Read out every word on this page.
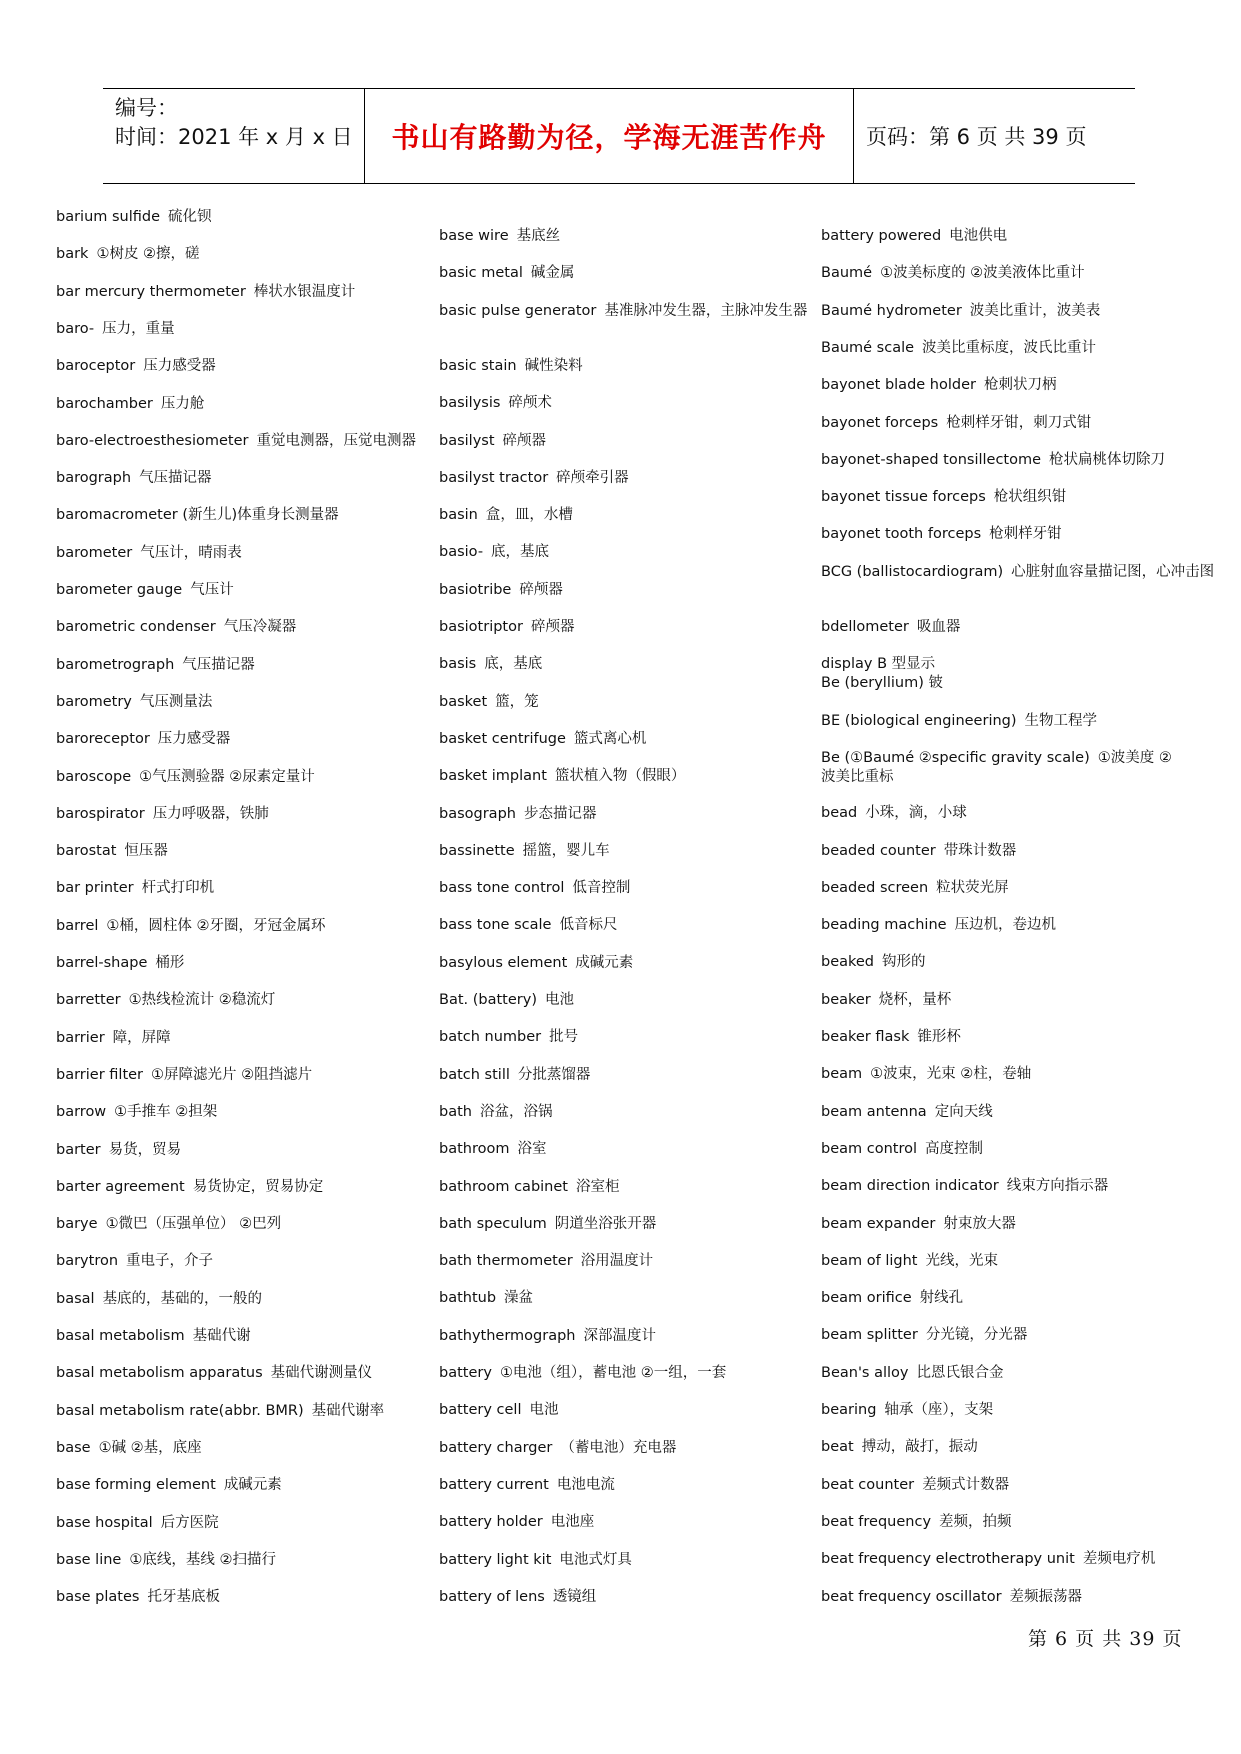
编号：
时间：2021 年 x 月 x 日	书山有路勤为径，学海无涯苦作舟 页码：第 6 页 共 39 页
barium sulfide 硫化钡
bark ①树皮 ②擦，磋
bar mercury thermometer 棒状水银温度计
baro- 压力，重量
baroceptor 压力感受器
barochamber 压力舱
baro-electroesthesiometer 重觉电测器，压觉电测器
barograph 气压描记器
baromacrometer (新生儿)体重身长测量器
barometer 气压计，晴雨表
barometer gauge 气压计
barometric condenser 气压冷凝器
barometrograph 气压描记器
barometry 气压测量法
baroreceptor 压力感受器
baroscope ①气压测验器 ②尿素定量计
barospirator 压力呼吸器，铁肺
barostat 恒压器
bar printer 杆式打印机
barrel ①桶，圆柱体 ②牙圈，牙冠金属环
barrel-shape 桶形
barretter ①热线检流计 ②稳流灯
barrier 障，屏障
barrier filter ①屏障滤光片 ②阻挡滤片
barrow ①手推车 ②担架
barter 易货，贸易
barter agreement 易货协定，贸易协定
barye ①微巴（压强单位） ②巴列
barytron 重电子，介子
basal 基底的，基础的，一般的
basal metabolism 基础代谢
basal metabolism apparatus 基础代谢测量仪
basal metabolism rate(abbr. BMR) 基础代谢率
base ①碱 ②基，底座
base forming element 成碱元素
base hospital 后方医院
base line ①底线，基线 ②扫描行
base plates 托牙基底板
base wire 基底丝
basic metal 碱金属
basic pulse generator 基准脉冲发生器，主脉冲发生器
basic stain 碱性染料
basilysis 碎颅术
basilyst 碎颅器
basilyst tractor 碎颅牵引器
basin 盒，皿，水槽
basio- 底，基底
basiotribe 碎颅器
basiotriptor 碎颅器
basis 底，基底
basket 篮，笼
basket centrifuge 篮式离心机
basket implant 篮状植入物（假眼）
basograph 步态描记器
bassinette 摇篮，婴儿车
bass tone control 低音控制
bass tone scale 低音标尺
basylous element 成碱元素
Bat. (battery) 电池
batch number 批号
batch still 分批蒸馏器
bath 浴盆，浴锅
bathroom 浴室
bathroom cabinet 浴室柜
bath speculum 阴道坐浴张开器
bath thermometer 浴用温度计
bathtub 澡盆
bathythermograph 深部温度计
battery ①电池（组），蓄电池 ②一组，一套
battery cell 电池
battery charger （蓄电池）充电器
battery current 电池电流
battery holder 电池座
battery light kit 电池式灯具
battery of lens 透镜组
battery powered 电池供电
Baumé ①波美标度的 ②波美液体比重计
Baumé hydrometer 波美比重计，波美表
Baumé scale 波美比重标度，波氏比重计
bayonet blade holder 枪刺状刀柄
bayonet forceps 枪刺样牙钳，刺刀式钳
bayonet-shaped tonsillectome 枪状扁桃体切除刀
bayonet tissue forceps 枪状组织钳
bayonet tooth forceps 枪刺样牙钳
BCG (ballistocardiogram) 心脏射血容量描记图，心冲击图
bdellometer 吸血器
display B 型显示
Be (beryllium) 铍
BE (biological engineering) 生物工程学
Be (①Baumé ②specific gravity scale) ①波美度 ②波美比重标
bead 小珠，滴，小球
beaded counter 带珠计数器
beaded screen 粒状荧光屏
beading machine 压边机，卷边机
beaked 钩形的
beaker 烧杯，量杯
beaker flask 锥形杯
beam ①波束，光束 ②柱，卷轴
beam antenna 定向天线
beam control 高度控制
beam direction indicator 线束方向指示器
beam expander 射束放大器
beam of light 光线，光束
beam orifice 射线孔
beam splitter 分光镜，分光器
Bean's alloy 比恩氏银合金
bearing 轴承（座），支架
beat 搏动，敲打，振动
beat counter 差频式计数器
beat frequency 差频，拍频
beat frequency electrotherapy unit 差频电疗机
beat frequency oscillator 差频振荡器
第 6 页 共 39 页
